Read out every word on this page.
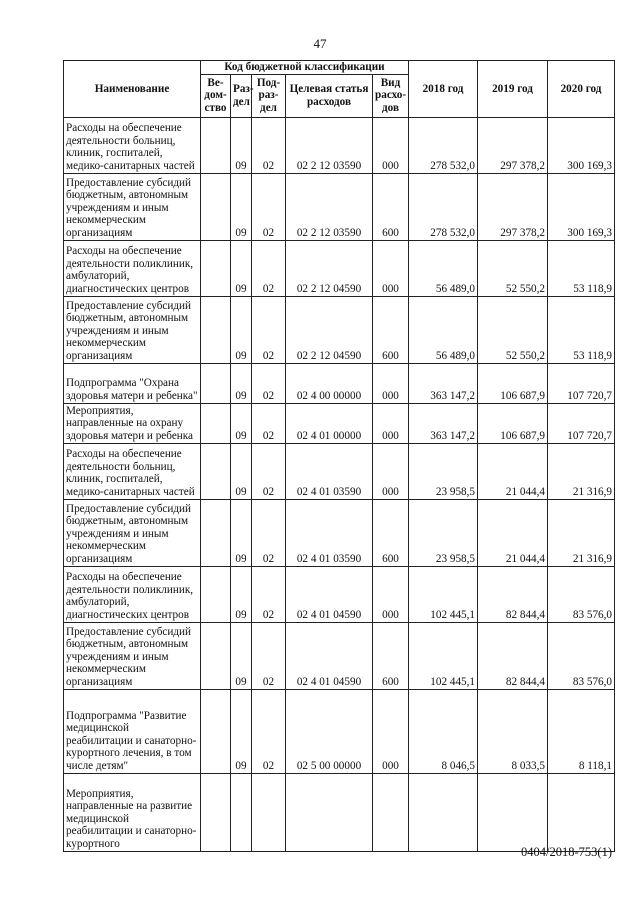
47
Наименование	Код бюджетной классификации					2018 год	2019 год	2020 год
	Ве-дом-ство	Раз-дел	Под-раз-дел	Целевая статья расходов	Вид расхо-дов			
Расходы на обеспечение деятельности больниц, клиник, госпиталей, медико-санитарных частей		09	02	02 2 12 03590	000	278 532,0	297 378,2	300 169,3
Предоставление субсидий бюджетным, автономным учреждениям и иным некоммерческим организациям		09	02	02 2 12 03590	600	278 532,0	297 378,2	300 169,3
Расходы на обеспечение деятельности поликлиник, амбулаторий, диагностических центров		09	02	02 2 12 04590	000	56 489,0	52 550,2	53 118,9
Предоставление субсидий бюджетным, автономным учреждениям и иным некоммерческим организациям		09	02	02 2 12 04590	600	56 489,0	52 550,2	53 118,9
Подпрограмма "Охрана здоровья матери и ребенка"		09	02	02 4 00 00000	000	363 147,2	106 687,9	107 720,7
Мероприятия, направленные на охрану здоровья матери и ребенка		09	02	02 4 01 00000	000	363 147,2	106 687,9	107 720,7
Расходы на обеспечение деятельности больниц, клиник, госпиталей, медико-санитарных частей		09	02	02 4 01 03590	000	23 958,5	21 044,4	21 316,9
Предоставление субсидий бюджетным, автономным учреждениям и иным некоммерческим организациям		09	02	02 4 01 03590	600	23 958,5	21 044,4	21 316,9
Расходы на обеспечение деятельности поликлиник, амбулаторий, диагностических центров		09	02	02 4 01 04590	000	102 445,1	82 844,4	83 576,0
Предоставление субсидий бюджетным, автономным учреждениям и иным некоммерческим организациям		09	02	02 4 01 04590	600	102 445,1	82 844,4	83 576,0
Подпрограмма "Развитие медицинской реабилитации и санаторно-курортного лечения, в том числе детям"		09	02	02 5 00 00000	000	8 046,5	8 033,5	8 118,1
Мероприятия, направленные на развитие медицинской реабилитации и санаторно-курортного								
0404/2018-753(1)
